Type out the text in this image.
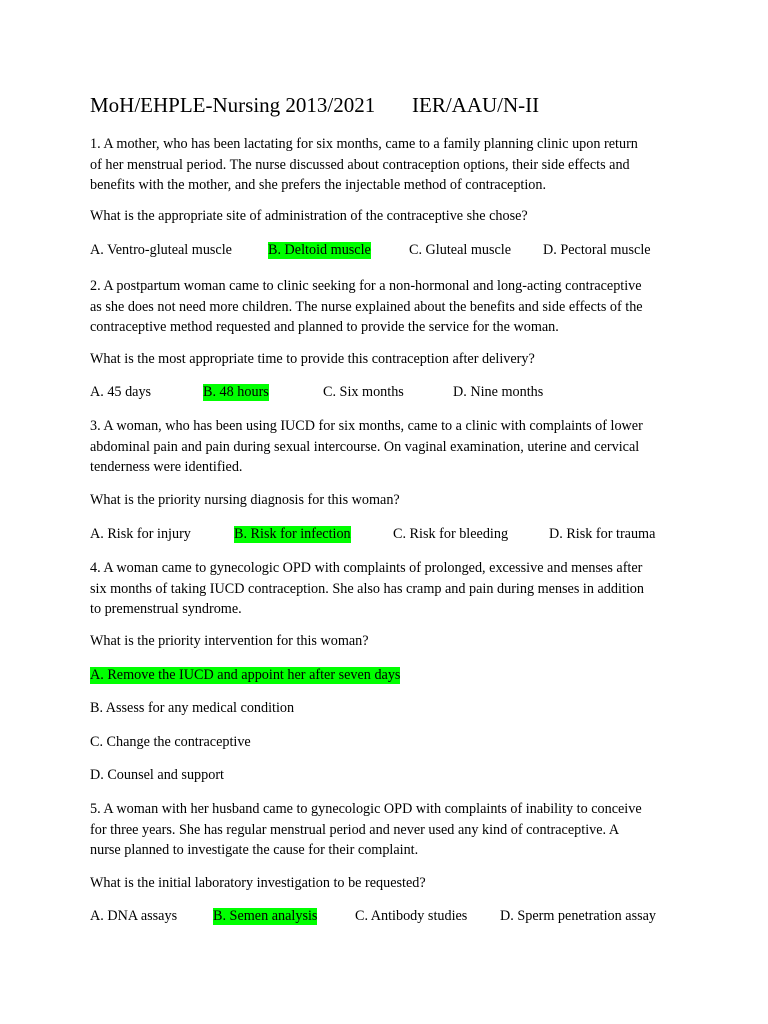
MoH/EHPLE-Nursing 2013/2021       IER/AAU/N-II

1. A mother, who has been lactating for six months, came to a family planning clinic upon return
of her menstrual period. The nurse discussed about contraception options, their side effects and
benefits with the mother, and she prefers the injectable method of contraception.

What is the appropriate site of administration of the contraceptive she chose?

A. Ventro-gluteal muscle	B. Deltoid muscle	C. Gluteal muscle D. Pectoral muscle

2. A postpartum woman came to clinic seeking for a non-hormonal and long-acting contraceptive
as she does not need more children. The nurse explained about the benefits and side effects of the
contraceptive method requested and planned to provide the service for the woman.

What is the most appropriate time to provide this contraception after delivery?

A. 45 days	B. 48 hours	C. Six months	D. Nine months

3. A woman, who has been using IUCD for six months, came to a clinic with complaints of lower
abdominal pain and pain during sexual intercourse. On vaginal examination, uterine and cervical
tenderness were identified.

What is the priority nursing diagnosis for this woman?

A. Risk for injury	B. Risk for infection	C. Risk for bleeding	D. Risk for trauma

4. A woman came to gynecologic OPD with complaints of prolonged, excessive and menses after
six months of taking IUCD contraception. She also has cramp and pain during menses in addition
to premenstrual syndrome.

What is the priority intervention for this woman?

A. Remove the IUCD and appoint her after seven days
B. Assess for any medical condition
C. Change the contraceptive
D. Counsel and support

5. A woman with her husband came to gynecologic OPD with complaints of inability to conceive
for three years. She has regular menstrual period and never used any kind of contraceptive. A
nurse planned to investigate the cause for their complaint.

What is the initial laboratory investigation to be requested?

A. DNA assays	B. Semen analysis	C. Antibody studies D. Sperm penetration assay
